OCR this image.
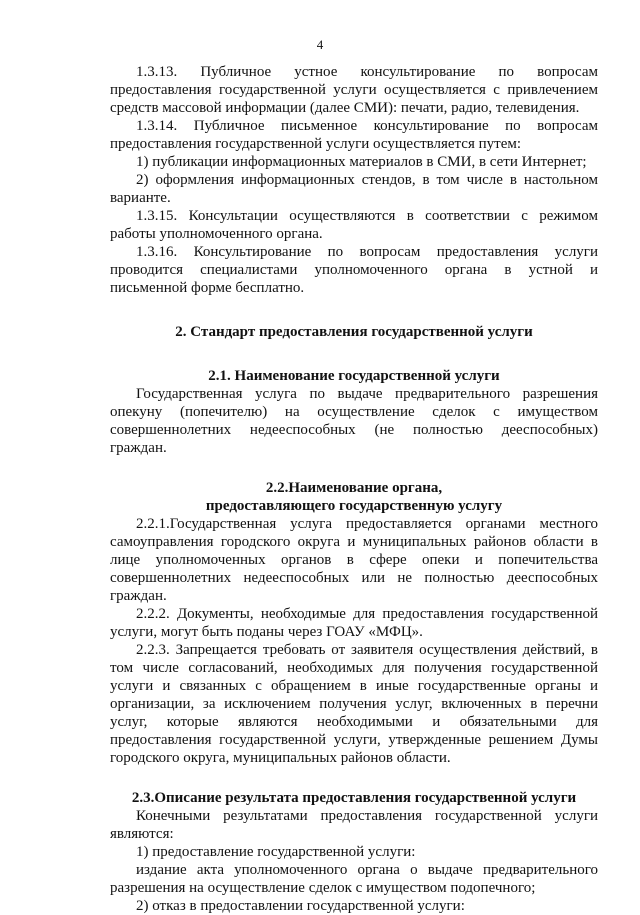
4

1.3.13. Публичное устное консультирование по вопросам предоставления государственной услуги осуществляется с привлечением средств массовой информации (далее СМИ): печати, радио, телевидения.

1.3.14. Публичное письменное консультирование по вопросам предоставления государственной услуги осуществляется путем:

1) публикации информационных материалов в СМИ, в сети Интернет;

2) оформления информационных стендов, в том числе в настольном варианте.

1.3.15. Консультации осуществляются в соответствии с режимом работы уполномоченного органа.

1.3.16. Консультирование по вопросам предоставления услуги проводится специалистами уполномоченного органа в устной и письменной форме бесплатно.

2. Стандарт предоставления государственной услуги

2.1. Наименование государственной услуги

Государственная услуга по выдаче предварительного разрешения опекуну (попечителю) на осуществление сделок с имуществом совершеннолетних недееспособных (не полностью дееспособных) граждан.

2.2.Наименование органа,

предоставляющего государственную услугу

2.2.1.Государственная услуга предоставляется органами местного самоуправления городского округа и муниципальных районов области в лице уполномоченных органов в сфере опеки и попечительства совершеннолетних недееспособных или не полностью дееспособных граждан.

2.2.2. Документы, необходимые для предоставления государственной услуги, могут быть поданы через ГОАУ «МФЦ».

2.2.3. Запрещается требовать от заявителя осуществления действий, в том числе согласований, необходимых для получения государственной услуги и связанных с обращением в иные государственные органы и организации, за исключением получения услуг, включенных в перечни услуг, которые являются необходимыми и обязательными для предоставления государственной услуги, утвержденные решением Думы городского округа, муниципальных районов области.

2.3.Описание результата предоставления государственной услуги

Конечными результатами предоставления государственной услуги являются:

1) предоставление государственной услуги:

издание акта уполномоченного органа о выдаче предварительного разрешения на осуществление сделок с имуществом подопечного;

2) отказ в предоставлении государственной услуги:
